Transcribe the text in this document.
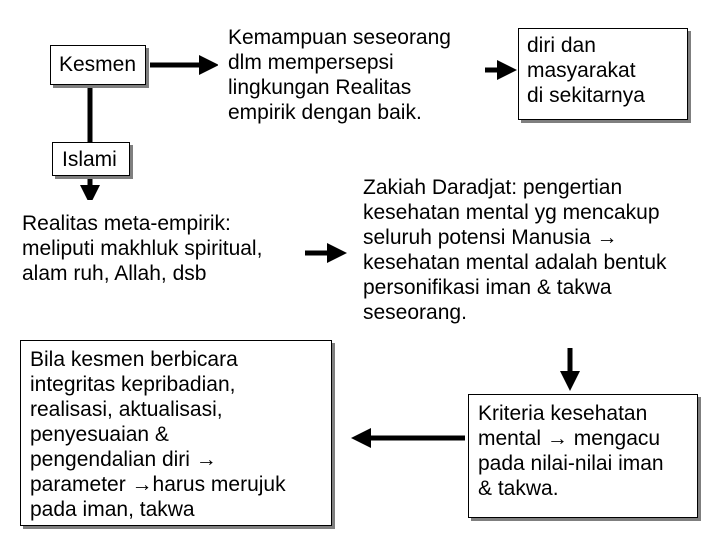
Kesmen
Kemampuan seseorang
dlm mempersepsi
lingkungan Realitas
empirik dengan baik.
diri dan
masyarakat
di sekitarnya
Islami
Realitas meta-empirik:
meliputi makhluk spiritual,
alam ruh, Allah, dsb
Zakiah Daradjat: pengertian
kesehatan mental yg mencakup
seluruh potensi Manusia →
kesehatan mental adalah bentuk
personifikasi iman & takwa
seseorang.
Bila kesmen berbicara
integritas kepribadian,
realisasi, aktualisasi,
penyesuaian &
pengendalian diri →
parameter →harus merujuk
pada iman, takwa
Kriteria kesehatan
mental → mengacu
pada nilai-nilai iman
& takwa.
